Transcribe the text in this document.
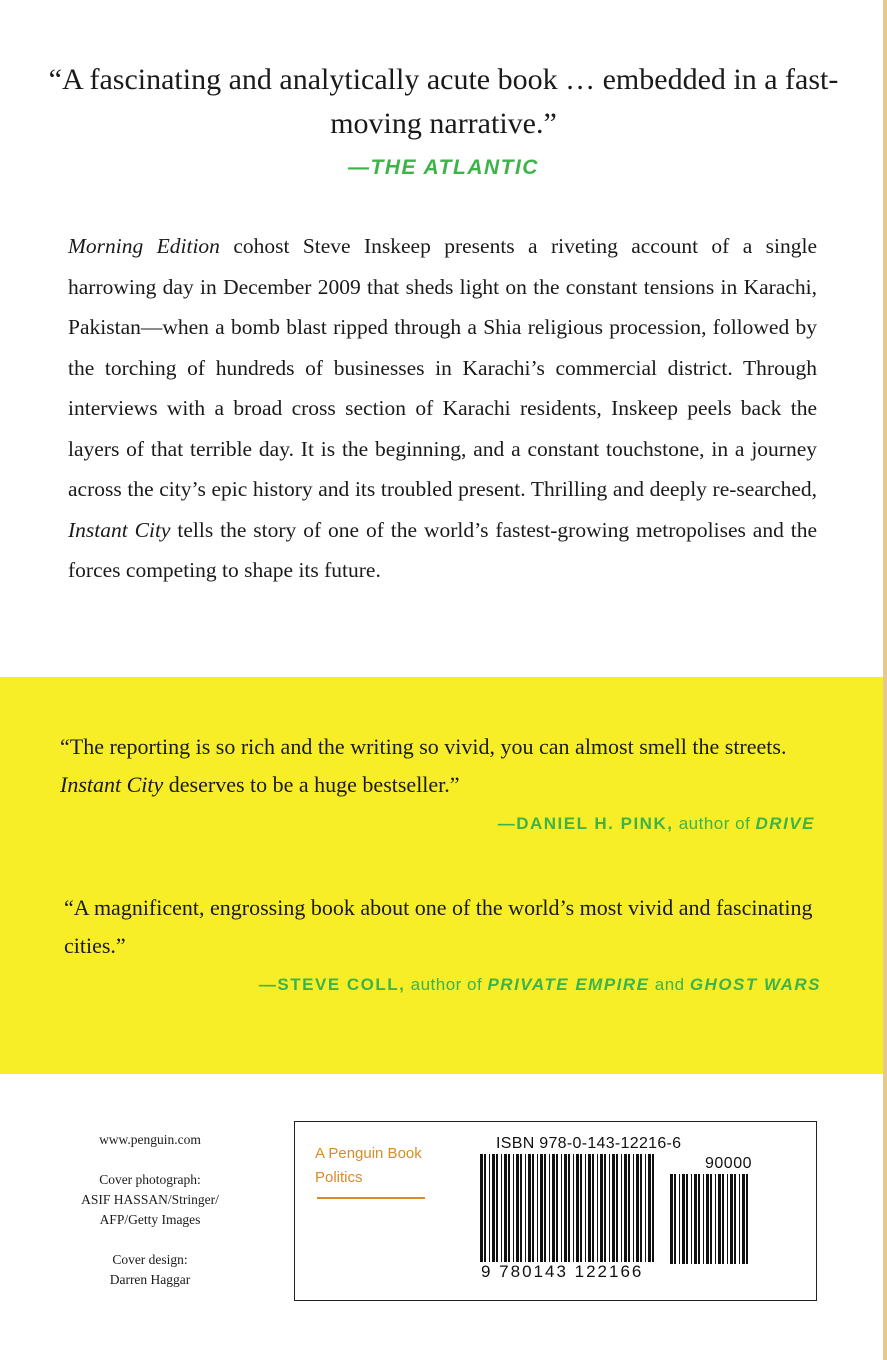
“A fascinating and analytically acute book … embedded in a fast-moving narrative.”
—THE ATLANTIC
Morning Edition cohost Steve Inskeep presents a riveting account of a single harrowing day in December 2009 that sheds light on the constant tensions in Karachi, Pakistan—when a bomb blast ripped through a Shia religious procession, followed by the torching of hundreds of businesses in Karachi’s commercial district. Through interviews with a broad cross section of Karachi residents, Inskeep peels back the layers of that terrible day. It is the beginning, and a constant touchstone, in a journey across the city’s epic history and its troubled present. Thrilling and deeply re-searched, Instant City tells the story of one of the world’s fastest-growing metropolises and the forces competing to shape its future.
“The reporting is so rich and the writing so vivid, you can almost smell the streets. Instant City deserves to be a huge bestseller.”
—DANIEL H. PINK, author of DRIVE
“A magnificent, engrossing book about one of the world’s most vivid and fascinating cities.”
—STEVE COLL, author of PRIVATE EMPIRE and GHOST WARS

www.penguin.com

Cover photograph:
ASIF HASSAN/Stringer/
AFP/Getty Images

Cover design:
Darren Haggar

A Penguin Book
Politics
ISBN 978-0-143-12216-6
90000
9 780143 122166
